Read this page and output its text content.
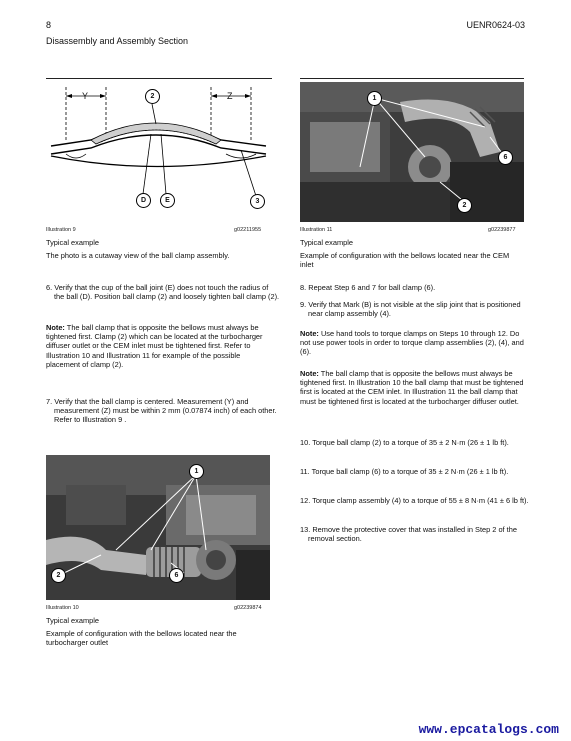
8	UENR0624-03
Disassembly and Assembly Section
Y	Z
2
D	E	3
Illustration 9	g02211955

Typical example

The photo is a cutaway view of the ball clamp assembly.

6. Verify that the cup of the ball joint (E) does not touch the radius of the ball (D). Position ball clamp (2) and loosely tighten ball clamp (2).

Note: The ball clamp that is opposite the bellows must always be tightened first. Clamp (2) which can be located at the turbocharger diffuser outlet or the CEM inlet must be tightened first. Refer to Illustration 10 and Illustration 11 for example of the possible placement of clamp (2).

7. Verify that the ball clamp is centered. Measurement (Y) and measurement (Z) must be within 2 mm (0.07874 inch) of each other. Refer to Illustration 9 .

1
2	6
Illustration 10	g02239874

Typical example

Example of configuration with the bellows located near the turbocharger outlet

1
6
2
Illustration 11	g02239877

Typical example

Example of configuration with the bellows located near the CEM inlet

8. Repeat Step 6 and 7 for ball clamp (6).

9. Verify that Mark (B) is not visible at the slip joint that is positioned near clamp assembly (4).

Note: Use hand tools to torque clamps on Steps 10 through 12. Do not use power tools in order to torque clamp assemblies (2), (4), and (6).

Note: The ball clamp that is opposite the bellows must always be tightened first. In Illustration 10 the ball clamp that must be tightened first is located at the CEM inlet. In Illustration 11 the ball clamp that must be tightened first is located at the turbocharger diffuser outlet.

10. Torque ball clamp (2) to a torque of 35 ± 2 N·m (26 ± 1 lb ft).

11. Torque ball clamp (6) to a torque of 35 ± 2 N·m (26 ± 1 lb ft).

12. Torque clamp assembly (4) to a torque of 55 ± 8 N·m (41 ± 6 lb ft).

13. Remove the protective cover that was installed in Step 2 of the removal section.

www.epcatalogs.com
